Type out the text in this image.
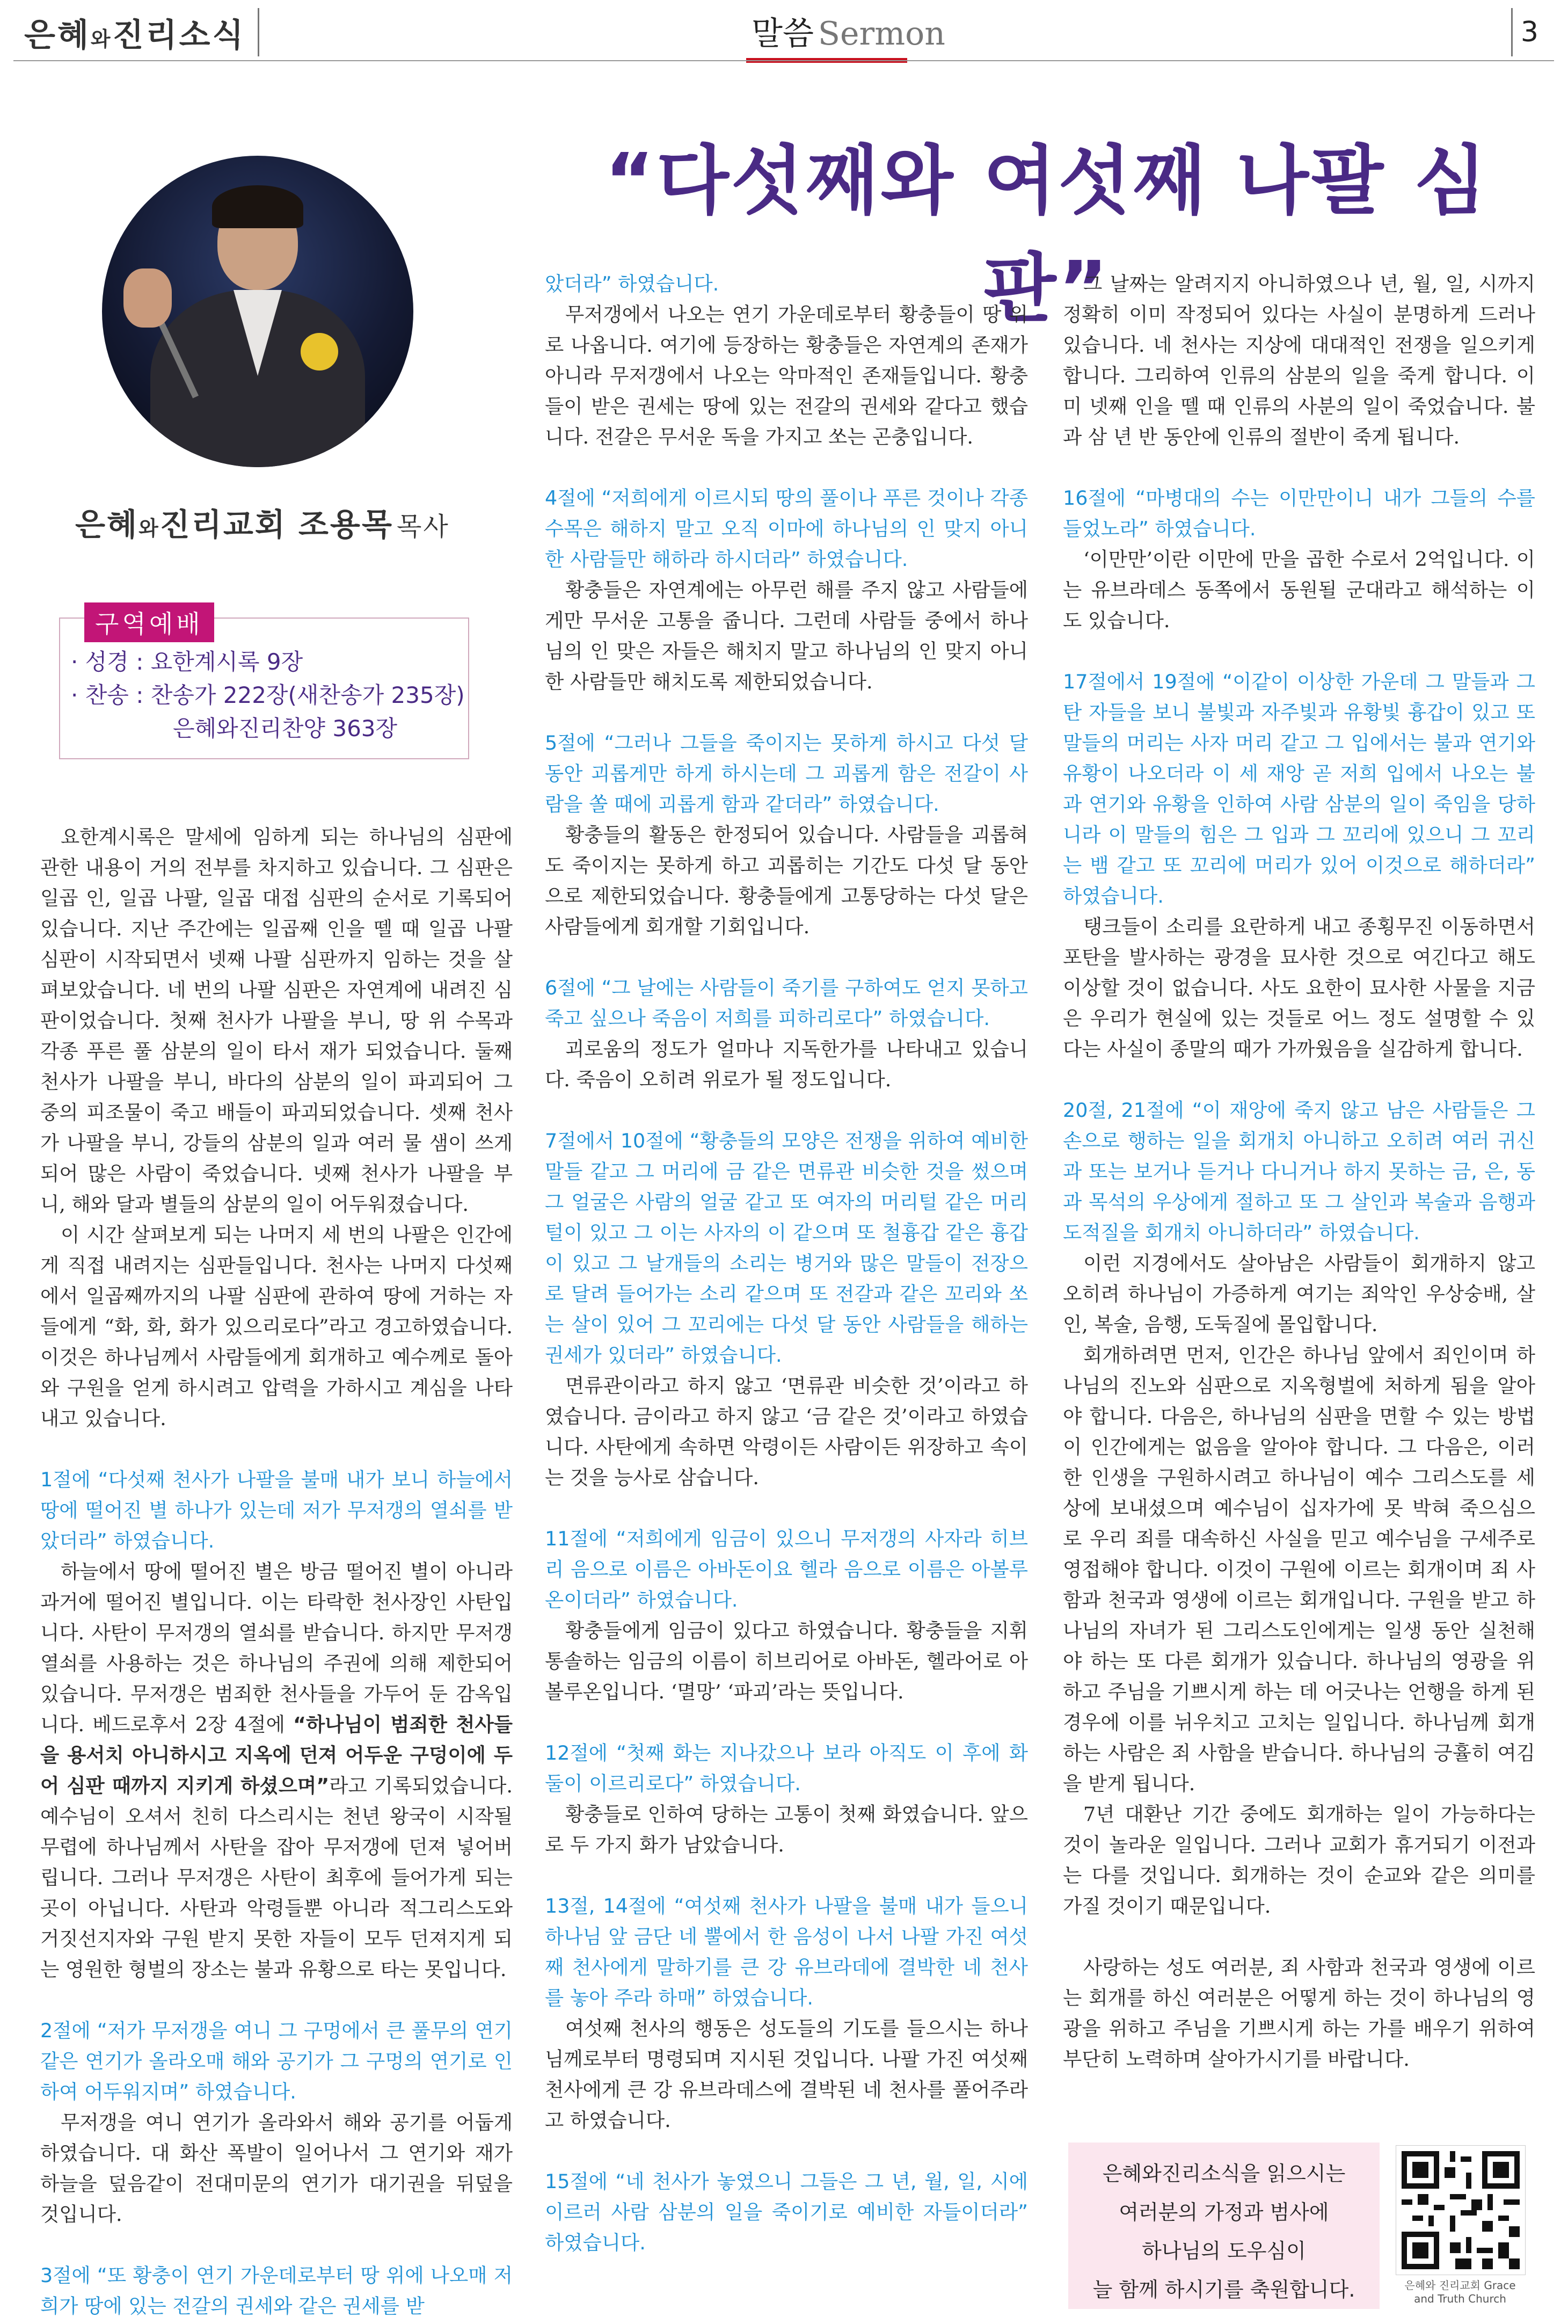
은혜와진리소식	말씀 Sermon	3
“다섯째와 여섯째 나팔 심판”
은혜와진리교회 조용목 목사
구역예배
· 성경 : 요한계시록 9장
· 찬송 : 찬송가 222장(새찬송가 235장)
은혜와진리찬양 363장

요한계시록은 말세에 임하게 되는 하나님의 심판에 관한 내용이 거의 전부를 차지하고 있습니다. 그 심판은 일곱 인, 일곱 나팔, 일곱 대접 심판의 순서로 기록되어 있습니다. 지난 주간에는 일곱째 인을 뗄 때 일곱 나팔 심판이 시작되면서 넷째 나팔 심판까지 임하는 것을 살펴보았습니다. 네 번의 나팔 심판은 자연계에 내려진 심판이었습니다. 첫째 천사가 나팔을 부니, 땅 위 수목과 각종 푸른 풀 삼분의 일이 타서 재가 되었습니다. 둘째 천사가 나팔을 부니, 바다의 삼분의 일이 파괴되어 그 중의 피조물이 죽고 배들이 파괴되었습니다. 셋째 천사가 나팔을 부니, 강들의 삼분의 일과 여러 물 샘이 쓰게 되어 많은 사람이 죽었습니다. 넷째 천사가 나팔을 부니, 해와 달과 별들의 삼분의 일이 어두워졌습니다.

이 시간 살펴보게 되는 나머지 세 번의 나팔은 인간에게 직접 내려지는 심판들입니다. 천사는 나머지 다섯째에서 일곱째까지의 나팔 심판에 관하여 땅에 거하는 자들에게 “화, 화, 화가 있으리로다”라고 경고하였습니다. 이것은 하나님께서 사람들에게 회개하고 예수께로 돌아와 구원을 얻게 하시려고 압력을 가하시고 계심을 나타내고 있습니다.

1절에 “다섯째 천사가 나팔을 불매 내가 보니 하늘에서 땅에 떨어진 별 하나가 있는데 저가 무저갱의 열쇠를 받았더라” 하였습니다.

하늘에서 땅에 떨어진 별은 방금 떨어진 별이 아니라 과거에 떨어진 별입니다. 이는 타락한 천사장인 사탄입니다. 사탄이 무저갱의 열쇠를 받습니다. 하지만 무저갱 열쇠를 사용하는 것은 하나님의 주권에 의해 제한되어 있습니다. 무저갱은 범죄한 천사들을 가두어 둔 감옥입니다. 베드로후서 2장 4절에 “하나님이 범죄한 천사들을 용서치 아니하시고 지옥에 던져 어두운 구덩이에 두어 심판 때까지 지키게 하셨으며”라고 기록되었습니다. 예수님이 오셔서 친히 다스리시는 천년 왕국이 시작될 무렵에 하나님께서 사탄을 잡아 무저갱에 던져 넣어버립니다. 그러나 무저갱은 사탄이 최후에 들어가게 되는 곳이 아닙니다. 사탄과 악령들뿐 아니라 적그리스도와 거짓선지자와 구원 받지 못한 자들이 모두 던져지게 되는 영원한 형벌의 장소는 불과 유황으로 타는 못입니다.

2절에 “저가 무저갱을 여니 그 구멍에서 큰 풀무의 연기 같은 연기가 올라오매 해와 공기가 그 구멍의 연기로 인하여 어두워지며” 하였습니다.

무저갱을 여니 연기가 올라와서 해와 공기를 어둡게 하였습니다. 대 화산 폭발이 일어나서 그 연기와 재가 하늘을 덮음같이 전대미문의 연기가 대기권을 뒤덮을 것입니다.

3절에 “또 황충이 연기 가운데로부터 땅 위에 나오매 저희가 땅에 있는 전갈의 권세와 같은 권세를 받

았더라” 하였습니다.

무저갱에서 나오는 연기 가운데로부터 황충들이 땅 위로 나옵니다. 여기에 등장하는 황충들은 자연계의 존재가 아니라 무저갱에서 나오는 악마적인 존재들입니다. 황충들이 받은 권세는 땅에 있는 전갈의 권세와 같다고 했습니다. 전갈은 무서운 독을 가지고 쏘는 곤충입니다.

4절에 “저희에게 이르시되 땅의 풀이나 푸른 것이나 각종 수목은 해하지 말고 오직 이마에 하나님의 인 맞지 아니한 사람들만 해하라 하시더라” 하였습니다.

황충들은 자연계에는 아무런 해를 주지 않고 사람들에게만 무서운 고통을 줍니다. 그런데 사람들 중에서 하나님의 인 맞은 자들은 해치지 말고 하나님의 인 맞지 아니한 사람들만 해치도록 제한되었습니다.

5절에 “그러나 그들을 죽이지는 못하게 하시고 다섯 달 동안 괴롭게만 하게 하시는데 그 괴롭게 함은 전갈이 사람을 쏠 때에 괴롭게 함과 같더라” 하였습니다.

황충들의 활동은 한정되어 있습니다. 사람들을 괴롭혀도 죽이지는 못하게 하고 괴롭히는 기간도 다섯 달 동안으로 제한되었습니다. 황충들에게 고통당하는 다섯 달은 사람들에게 회개할 기회입니다.

6절에 “그 날에는 사람들이 죽기를 구하여도 얻지 못하고 죽고 싶으나 죽음이 저희를 피하리로다” 하였습니다.

괴로움의 정도가 얼마나 지독한가를 나타내고 있습니다. 죽음이 오히려 위로가 될 정도입니다.

7절에서 10절에 “황충들의 모양은 전쟁을 위하여 예비한 말들 같고 그 머리에 금 같은 면류관 비슷한 것을 썼으며 그 얼굴은 사람의 얼굴 같고 또 여자의 머리털 같은 머리털이 있고 그 이는 사자의 이 같으며 또 철흉갑 같은 흉갑이 있고 그 날개들의 소리는 병거와 많은 말들이 전장으로 달려 들어가는 소리 같으며 또 전갈과 같은 꼬리와 쏘는 살이 있어 그 꼬리에는 다섯 달 동안 사람들을 해하는 권세가 있더라” 하였습니다.

면류관이라고 하지 않고 ‘면류관 비슷한 것’이라고 하였습니다. 금이라고 하지 않고 ‘금 같은 것’이라고 하였습니다. 사탄에게 속하면 악령이든 사람이든 위장하고 속이는 것을 능사로 삼습니다.

11절에 “저희에게 임금이 있으니 무저갱의 사자라 히브리 음으로 이름은 아바돈이요 헬라 음으로 이름은 아볼루온이더라” 하였습니다.

황충들에게 임금이 있다고 하였습니다. 황충들을 지휘 통솔하는 임금의 이름이 히브리어로 아바돈, 헬라어로 아볼루온입니다. ‘멸망’ ‘파괴’라는 뜻입니다.

12절에 “첫째 화는 지나갔으나 보라 아직도 이 후에 화 둘이 이르리로다” 하였습니다.

황충들로 인하여 당하는 고통이 첫째 화였습니다. 앞으로 두 가지 화가 남았습니다.

13절, 14절에 “여섯째 천사가 나팔을 불매 내가 들으니 하나님 앞 금단 네 뿔에서 한 음성이 나서 나팔 가진 여섯째 천사에게 말하기를 큰 강 유브라데에 결박한 네 천사를 놓아 주라 하매” 하였습니다.

여섯째 천사의 행동은 성도들의 기도를 들으시는 하나님께로부터 명령되며 지시된 것입니다. 나팔 가진 여섯째 천사에게 큰 강 유브라데스에 결박된 네 천사를 풀어주라고 하였습니다.

15절에 “네 천사가 놓였으니 그들은 그 년, 월, 일, 시에 이르러 사람 삼분의 일을 죽이기로 예비한 자들이더라” 하였습니다.

그 날짜는 알려지지 아니하였으나 년, 월, 일, 시까지 정확히 이미 작정되어 있다는 사실이 분명하게 드러나 있습니다. 네 천사는 지상에 대대적인 전쟁을 일으키게 합니다. 그리하여 인류의 삼분의 일을 죽게 합니다. 이미 넷째 인을 뗄 때 인류의 사분의 일이 죽었습니다. 불과 삼 년 반 동안에 인류의 절반이 죽게 됩니다.

16절에 “마병대의 수는 이만만이니 내가 그들의 수를 들었노라” 하였습니다.

‘이만만’이란 이만에 만을 곱한 수로서 2억입니다. 이는 유브라데스 동쪽에서 동원될 군대라고 해석하는 이도 있습니다.

17절에서 19절에 “이같이 이상한 가운데 그 말들과 그 탄 자들을 보니 불빛과 자주빛과 유황빛 흉갑이 있고 또 말들의 머리는 사자 머리 같고 그 입에서는 불과 연기와 유황이 나오더라 이 세 재앙 곧 저희 입에서 나오는 불과 연기와 유황을 인하여 사람 삼분의 일이 죽임을 당하니라 이 말들의 힘은 그 입과 그 꼬리에 있으니 그 꼬리는 뱀 같고 또 꼬리에 머리가 있어 이것으로 해하더라” 하였습니다.

탱크들이 소리를 요란하게 내고 종횡무진 이동하면서 포탄을 발사하는 광경을 묘사한 것으로 여긴다고 해도 이상할 것이 없습니다. 사도 요한이 묘사한 사물을 지금은 우리가 현실에 있는 것들로 어느 정도 설명할 수 있다는 사실이 종말의 때가 가까웠음을 실감하게 합니다.

20절, 21절에 “이 재앙에 죽지 않고 남은 사람들은 그 손으로 행하는 일을 회개치 아니하고 오히려 여러 귀신과 또는 보거나 듣거나 다니거나 하지 못하는 금, 은, 동과 목석의 우상에게 절하고 또 그 살인과 복술과 음행과 도적질을 회개치 아니하더라” 하였습니다.

이런 지경에서도 살아남은 사람들이 회개하지 않고 오히려 하나님이 가증하게 여기는 죄악인 우상숭배, 살인, 복술, 음행, 도둑질에 몰입합니다.

회개하려면 먼저, 인간은 하나님 앞에서 죄인이며 하나님의 진노와 심판으로 지옥형벌에 처하게 됨을 알아야 합니다. 다음은, 하나님의 심판을 면할 수 있는 방법이 인간에게는 없음을 알아야 합니다. 그 다음은, 이러한 인생을 구원하시려고 하나님이 예수 그리스도를 세상에 보내셨으며 예수님이 십자가에 못 박혀 죽으심으로 우리 죄를 대속하신 사실을 믿고 예수님을 구세주로 영접해야 합니다. 이것이 구원에 이르는 회개이며 죄 사함과 천국과 영생에 이르는 회개입니다. 구원을 받고 하나님의 자녀가 된 그리스도인에게는 일생 동안 실천해야 하는 또 다른 회개가 있습니다. 하나님의 영광을 위하고 주님을 기쁘시게 하는 데 어긋나는 언행을 하게 된 경우에 이를 뉘우치고 고치는 일입니다. 하나님께 회개하는 사람은 죄 사함을 받습니다. 하나님의 긍휼히 여김을 받게 됩니다.

7년 대환난 기간 중에도 회개하는 일이 가능하다는 것이 놀라운 일입니다. 그러나 교회가 휴거되기 이전과는 다를 것입니다. 회개하는 것이 순교와 같은 의미를 가질 것이기 때문입니다.

사랑하는 성도 여러분, 죄 사함과 천국과 영생에 이르는 회개를 하신 여러분은 어떻게 하는 것이 하나님의 영광을 위하고 주님을 기쁘시게 하는 가를 배우기 위하여 부단히 노력하며 살아가시기를 바랍니다.

은혜와진리소식을 읽으시는
여러분의 가정과 범사에
하나님의 도우심이
늘 함께 하시기를 축원합니다.	은혜와 진리교회 Grace and Truth Church
